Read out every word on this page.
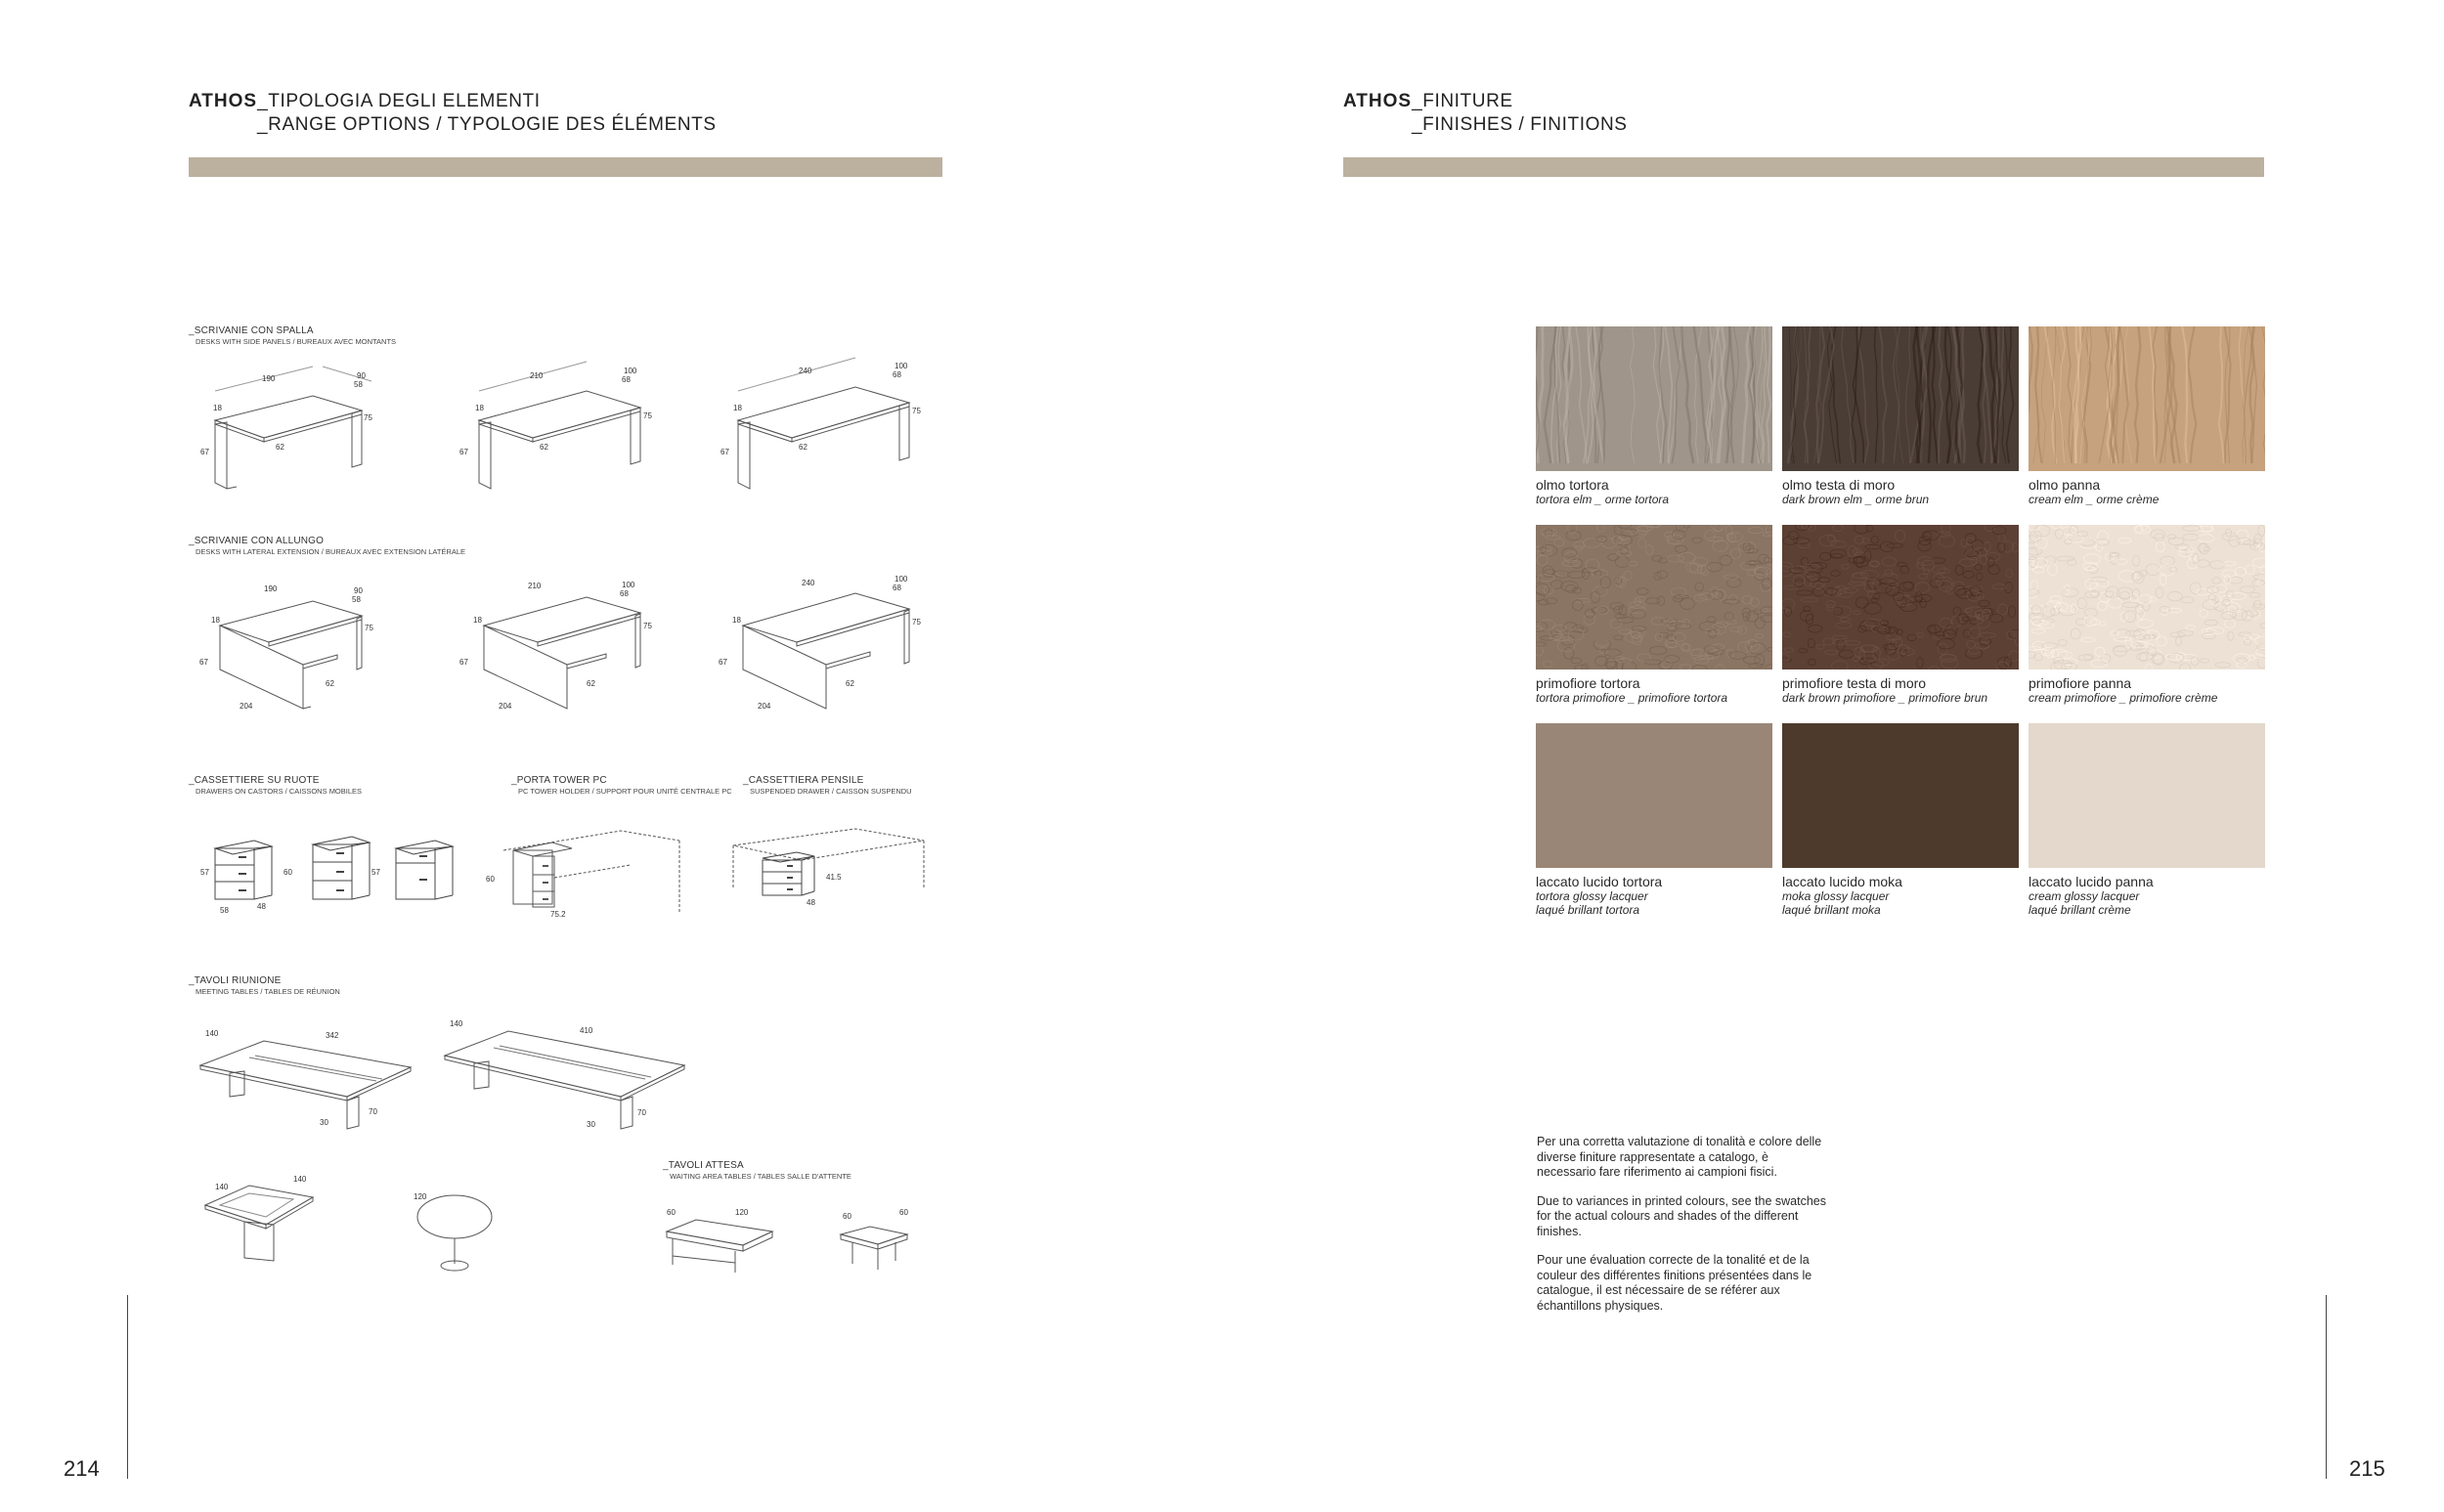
ATHOS_TIPOLOGIA DEGLI ELEMENTI
_RANGE OPTIONS / TYPOLOGIE DES ÉLÉMENTS
_SCRIVANIE CON SPALLA
DESKS WITH SIDE PANELS / BUREAUX AVEC MONTANTS
_SCRIVANIE CON ALLUNGO
DESKS WITH LATERAL EXTENSION / BUREAUX AVEC EXTENSION LATÉRALE
_CASSETTIERE SU RUOTE
DRAWERS ON CASTORS / CAISSONS MOBILES
_PORTA TOWER PC
PC TOWER HOLDER / SUPPORT POUR UNITÉ CENTRALE PC
_CASSETTIERA PENSILE
SUSPENDED DRAWER / CAISSON SUSPENDU
_TAVOLI RIUNIONE
MEETING TABLES / TABLES DE RÉUNION
_TAVOLI ATTESA
WAITING AREA TABLES / TABLES SALLE D'ATTENTE
190	90
58
75
18
67
62
210
100
68
75
18
67
62
240
100
68
75
18
67
62
190	90
58
75
18
67
62
204
210	100
68
75
18
67
62
204
240	100
68
75
18
67
62
204
57	60	57
58	48
60
75.2
41.5
48
140	342
30
70
140
410
30
70
140
140
120
60	120	60	60
214
ATHOS_FINITURE
_FINISHES / FINITIONS
olmo tortora
tortora elm _ orme tortora
olmo testa di moro
dark brown elm _ orme brun
olmo panna
cream elm _ orme crème
primofiore tortora
tortora primofiore _ primofiore tortora
primofiore testa di moro
dark brown primofiore _ primofiore brun
primofiore panna
cream primofiore _ primofiore crème
laccato lucido tortora
tortora glossy lacquer
laqué brillant tortora
laccato lucido moka
moka glossy lacquer
laqué brillant moka
laccato lucido panna
cream glossy lacquer
laqué brillant crème

Per una corretta valutazione di tonalità e colore delle diverse finiture rappresentate a catalogo, è necessario fare riferimento ai campioni fisici.

Due to variances in printed colours, see the swatches for the actual colours and shades of the different finishes.

Pour une évaluation correcte de la tonalité et de la couleur des différentes finitions présentées dans le catalogue, il est nécessaire de se référer aux échantillons physiques.

215
